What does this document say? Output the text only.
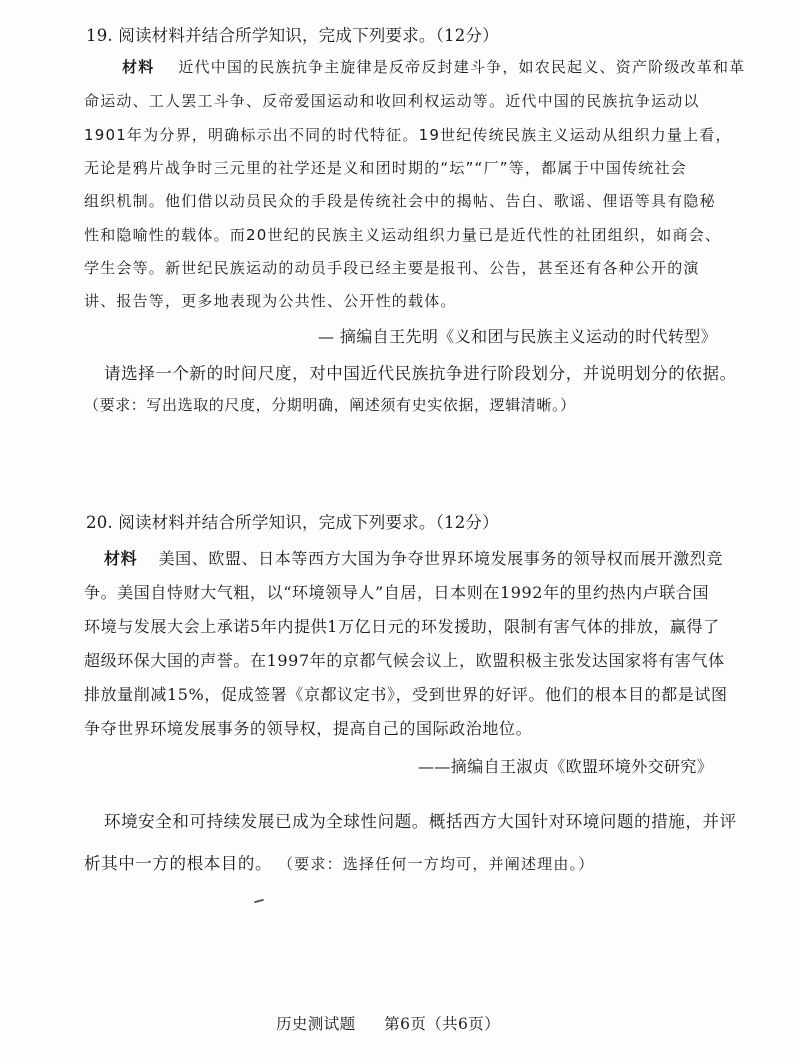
19. 阅读材料并结合所学知识，完成下列要求。（12分）
材料 近代中国的民族抗争主旋律是反帝反封建斗争，如农民起义、资产阶级改革和革
命运动、工人罢工斗争、反帝爱国运动和收回利权运动等。近代中国的民族抗争运动以
1901年为分界，明确标示出不同的时代特征。19世纪传统民族主义运动从组织力量上看，
无论是鸦片战争时三元里的社学还是义和团时期的“坛”“厂”等，都属于中国传统社会
组织机制。他们借以动员民众的手段是传统社会中的揭帖、告白、歌谣、俚语等具有隐秘
性和隐喻性的载体。而20世纪的民族主义运动组织力量已是近代性的社团组织，如商会、
学生会等。新世纪民族运动的动员手段已经主要是报刊、公告，甚至还有各种公开的演
讲、报告等，更多地表现为公共性、公开性的载体。
— 摘编自王先明《义和团与民族主义运动的时代转型》
请选择一个新的时间尺度，对中国近代民族抗争进行阶段划分，并说明划分的依据。
（要求：写出选取的尺度，分期明确，阐述须有史实依据，逻辑清晰。）
20. 阅读材料并结合所学知识，完成下列要求。（12分）
材料 美国、欧盟、日本等西方大国为争夺世界环境发展事务的领导权而展开激烈竞
争。美国自恃财大气粗，以“环境领导人”自居，日本则在1992年的里约热内卢联合国
环境与发展大会上承诺5年内提供1万亿日元的环发援助，限制有害气体的排放，赢得了
超级环保大国的声誉。在1997年的京都气候会议上，欧盟积极主张发达国家将有害气体
排放量削减15%，促成签署《京都议定书》，受到世界的好评。他们的根本目的都是试图
争夺世界环境发展事务的领导权，提高自己的国际政治地位。
——摘编自王淑贞《欧盟环境外交研究》
环境安全和可持续发展已成为全球性问题。概括西方大国针对环境问题的措施，并评
析其中一方的根本目的。 （要求：选择任何一方均可，并阐述理由。）
历史测试题 第6页（共6页）
